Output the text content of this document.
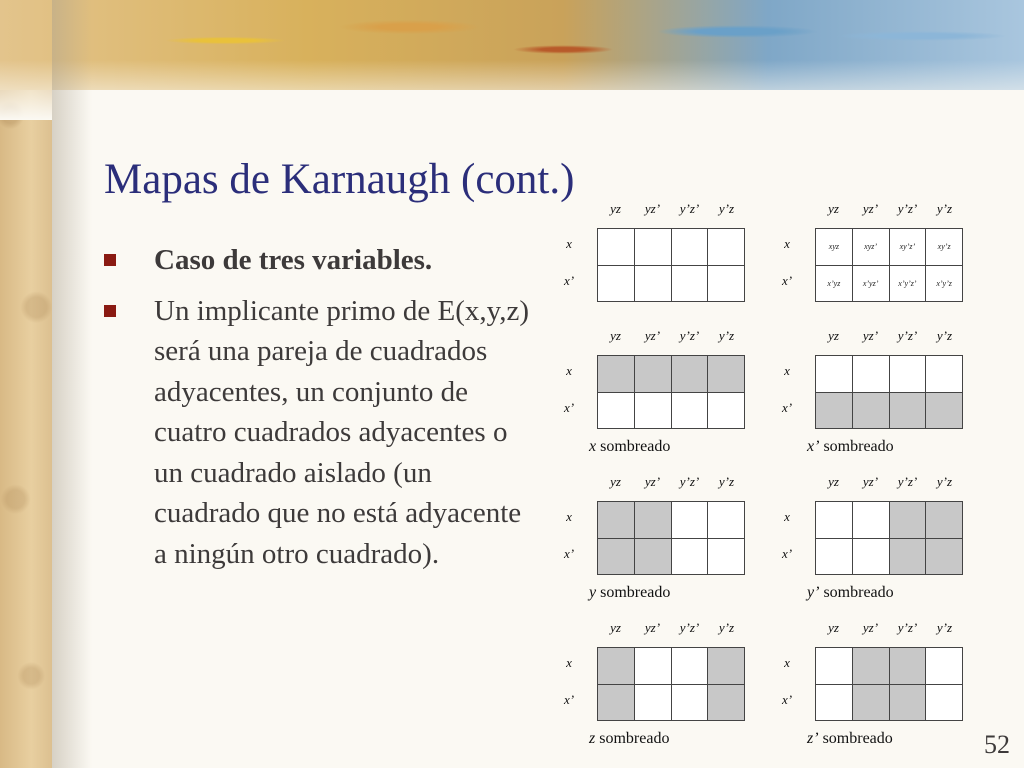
Mapas de Karnaugh (cont.)
Caso de tres variables.
Un implicante primo de E(x,y,z) será una pareja de cuadrados adyacentes, un conjunto de cuatro cuadrados adyacentes o un cuadrado aislado (un cuadrado que no está adyacente a ningún otro cuadrado).
yz	yz’	y’z’	y’z
x
x’
yz	yz’	y’z’	y’z
x
x’
xyz	xyz’	xy’z’	xy’z
x’yz	x’yz’	x’y’z’	x’y’z
yz	yz’	y’z’	y’z
x
x’
x sombreado
yz	yz’	y’z’	y’z
x
x’
x’ sombreado
yz	yz’	y’z’	y’z
x
x’
y sombreado
yz	yz’	y’z’	y’z
x
x’
y’ sombreado
yz	yz’	y’z’	y’z
x
x’
z sombreado
yz	yz’	y’z’	y’z
x
x’
z’ sombreado	52
